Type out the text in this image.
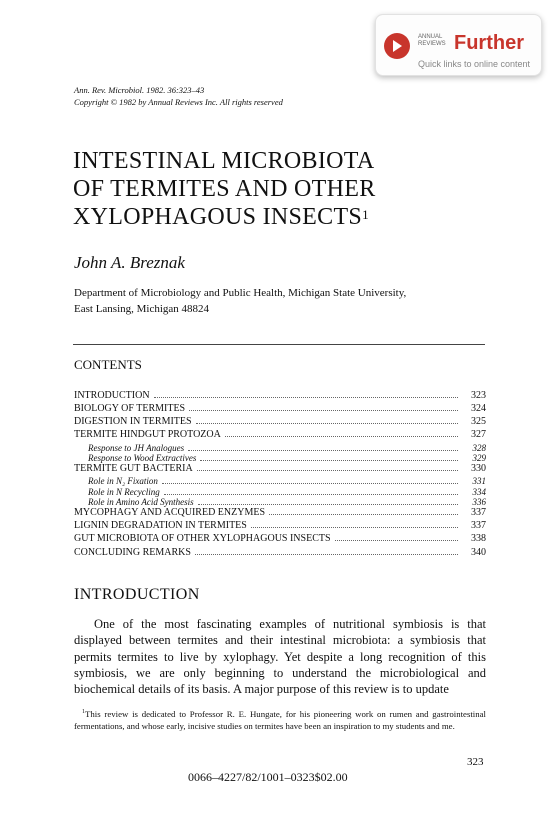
ANNUAL
REVIEWS Further
Quick links to online content
Ann. Rev. Microbiol. 1982. 36:323–43
Copyright © 1982 by Annual Reviews Inc. All rights reserved
INTESTINAL MICROBIOTA
OF TERMITES AND OTHER
XYLOPHAGOUS INSECTS$^1$
John A. Breznak
Department of Microbiology and Public Health, Michigan State University,
East Lansing, Michigan 48824
CONTENTS
INTRODUCTION	323
BIOLOGY OF TERMITES	324
DIGESTION IN TERMITES	325
TERMITE HINDGUT PROTOZOA	327
Response to JH Analogues	328
Response to Wood Extractives	329
TERMITE GUT BACTERIA	330
Role in N₂ Fixation	331
Role in N Recycling	334
Role in Amino Acid Synthesis	336
MYCOPHAGY AND ACQUIRED ENZYMES	337
LIGNIN DEGRADATION IN TERMITES	337
GUT MICROBIOTA OF OTHER XYLOPHAGOUS INSECTS	338
CONCLUDING REMARKS	340
INTRODUCTION
One of the most fascinating examples of nutritional symbiosis is that displayed between termites and their intestinal microbiota: a symbiosis that permits termites to live by xylophagy. Yet despite a long recognition of this symbiosis, we are only beginning to understand the microbiological and biochemical details of its basis. A major purpose of this review is to update
$^1$This review is dedicated to Professor R. E. Hungate, for his pioneering work on rumen and gastrointestinal fermentations, and whose early, incisive studies on termites have been an inspiration to my students and me.
323
0066–4227/82/1001–0323$02.00
